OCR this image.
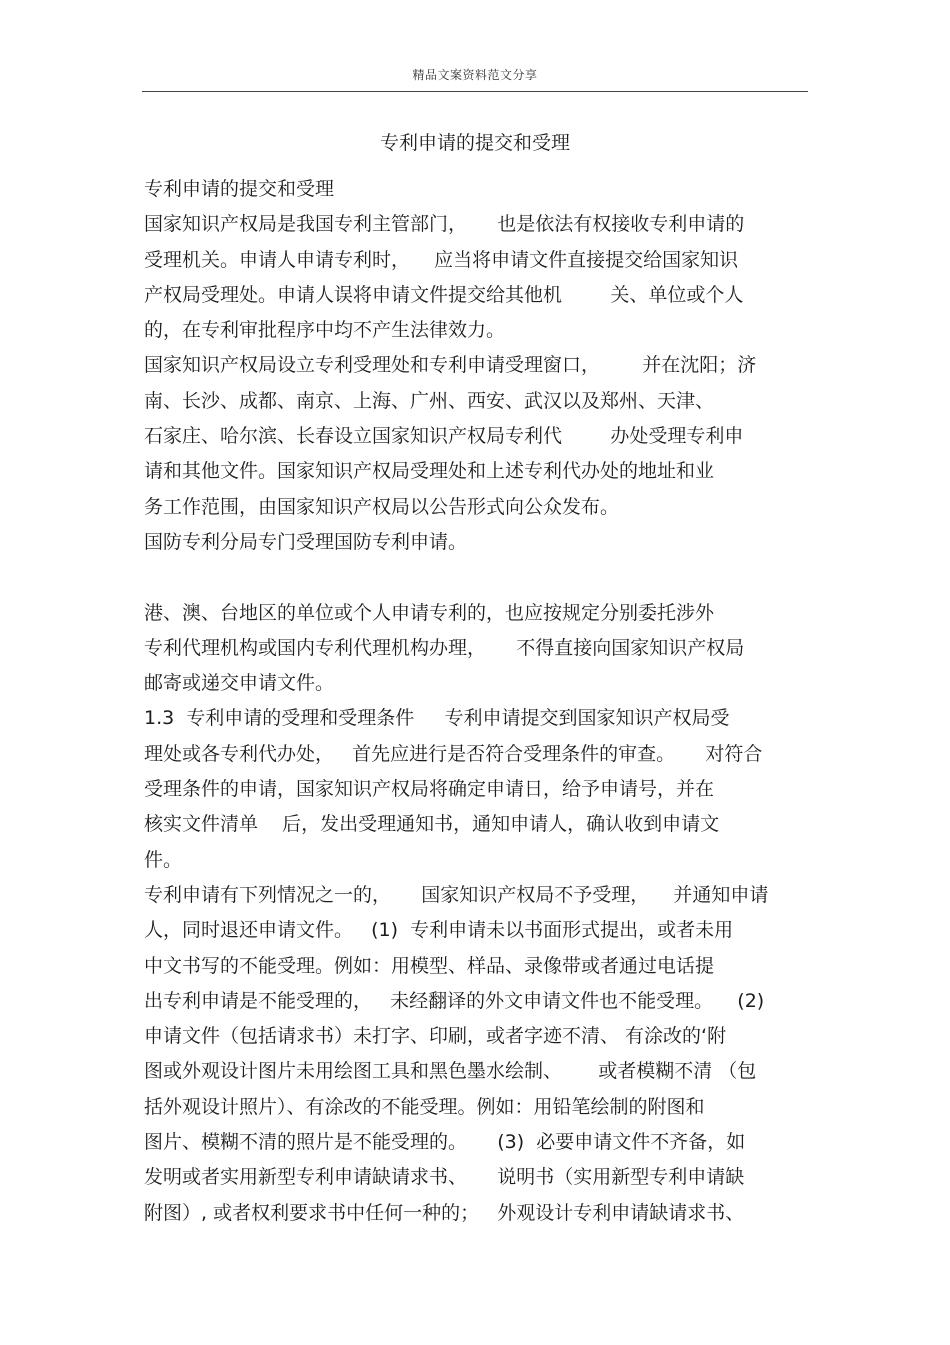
精品文案资料范文分享
专利申请的提交和受理
专利申请的提交和受理
国家知识产权局是我国专利主管部门，     也是依法有权接收专利申请的
受理机关。申请人申请专利时，    应当将申请文件直接提交给国家知识
产权局受理处。申请人误将申请文件提交给其他机        关、单位或个人
的，在专利审批程序中均不产生法律效力。
国家知识产权局设立专利受理处和专利申请受理窗口，       并在沈阳；济
南、长沙、成都、南京、上海、广州、西安、武汉以及郑州、天津、
石家庄、哈尔滨、长春设立国家知识产权局专利代        办处受理专利申
请和其他文件。国家知识产权局受理处和上述专利代办处的地址和业
务工作范围，由国家知识产权局以公告形式向公众发布。
国防专利分局专门受理国防专利申请。
港、澳、台地区的单位或个人申请专利的，也应按规定分别委托涉外
专利代理机构或国内专利代理机构办理，     不得直接向国家知识产权局
邮寄或递交申请文件。
1.3  专利申请的受理和受理条件     专利申请提交到国家知识产权局受
理处或各专利代办处，   首先应进行是否符合受理条件的审查。     对符合
受理条件的申请，国家知识产权局将确定申请日，给予申请号，并在
核实文件清单    后，发出受理通知书，通知申请人，确认收到申请文
件。
专利申请有下列情况之一的，     国家知识产权局不予受理，    并通知申请
人，同时退还申请文件。   (1)  专利申请未以书面形式提出，或者未用
中文书写的不能受理。例如：用模型、样品、录像带或者通过电话提
出专利申请是不能受理的，   未经翻译的外文申请文件也不能受理。    (2)
申请文件（包括请求书）未打字、印刷，或者字迹不清、 有涂改的‘附
图或外观设计图片未用绘图工具和黑色墨水绘制、      或者模糊不清 （包
括外观设计照片）、有涂改的不能受理。例如：用铅笔绘制的附图和
图片、模糊不清的照片是不能受理的。     (3)  必要申请文件不齐备，如
发明或者实用新型专利申请缺请求书、     说明书（实用新型专利申请缺
附图）, 或者权利要求书中任何一种的；   外观设计专利申请缺请求书、
